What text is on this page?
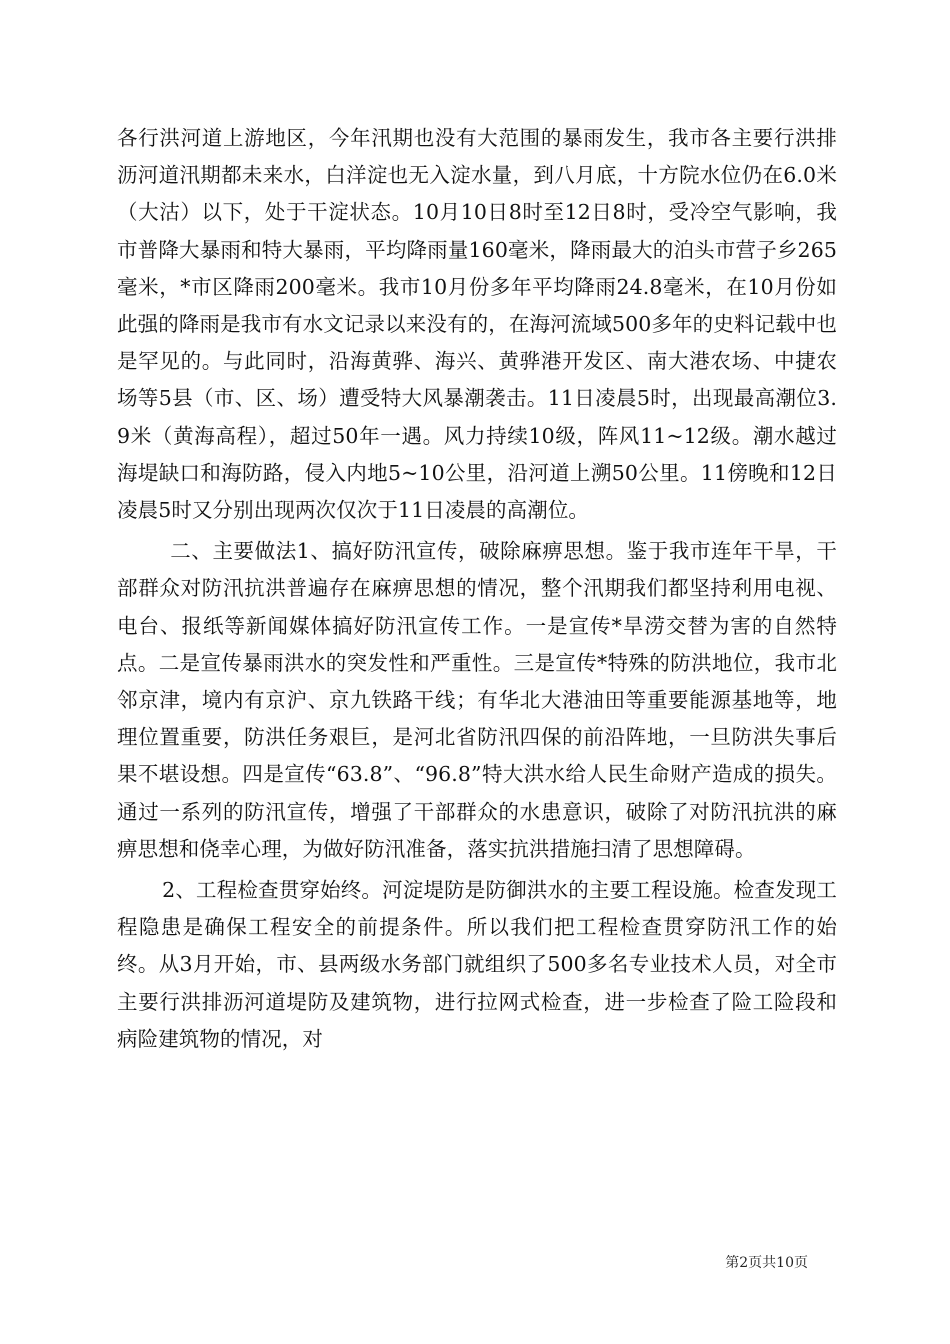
各行洪河道上游地区，今年汛期也没有大范围的暴雨发生，我市各主要行洪排沥河道汛期都未来水，白洋淀也无入淀水量，到八月底，十方院水位仍在6.0米（大沽）以下，处于干淀状态。10月10日8时至12日8时，受冷空气影响，我市普降大暴雨和特大暴雨，平均降雨量160毫米，降雨最大的泊头市营子乡265毫米，*市区降雨200毫米。我市10月份多年平均降雨24.8毫米，在10月份如此强的降雨是我市有水文记录以来没有的，在海河流域500多年的史料记载中也是罕见的。与此同时，沿海黄骅、海兴、黄骅港开发区、南大港农场、中捷农场等5县（市、区、场）遭受特大风暴潮袭击。11日凌晨5时，出现最高潮位3.9米（黄海高程），超过50年一遇。风力持续10级，阵风11~12级。潮水越过海堤缺口和海防路，侵入内地5~10公里，沿河道上溯50公里。11傍晚和12日凌晨5时又分别出现两次仅次于11日凌晨的高潮位。

二、主要做法1、搞好防汛宣传，破除麻痹思想。鉴于我市连年干旱，干部群众对防汛抗洪普遍存在麻痹思想的情况，整个汛期我们都坚持利用电视、电台、报纸等新闻媒体搞好防汛宣传工作。一是宣传*旱涝交替为害的自然特点。二是宣传暴雨洪水的突发性和严重性。三是宣传*特殊的防洪地位，我市北邻京津，境内有京沪、京九铁路干线；有华北大港油田等重要能源基地等，地理位置重要，防洪任务艰巨，是河北省防汛四保的前沿阵地，一旦防洪失事后果不堪设想。四是宣传“63.8”、“96.8”特大洪水给人民生命财产造成的损失。通过一系列的防汛宣传，增强了干部群众的水患意识，破除了对防汛抗洪的麻痹思想和侥幸心理，为做好防汛准备，落实抗洪措施扫清了思想障碍。

2、工程检查贯穿始终。河淀堤防是防御洪水的主要工程设施。检查发现工程隐患是确保工程安全的前提条件。所以我们把工程检查贯穿防汛工作的始终。从3月开始，市、县两级水务部门就组织了500多名专业技术人员，对全市主要行洪排沥河道堤防及建筑物，进行拉网式检查，进一步检查了险工险段和病险建筑物的情况，对

第2页共10页
